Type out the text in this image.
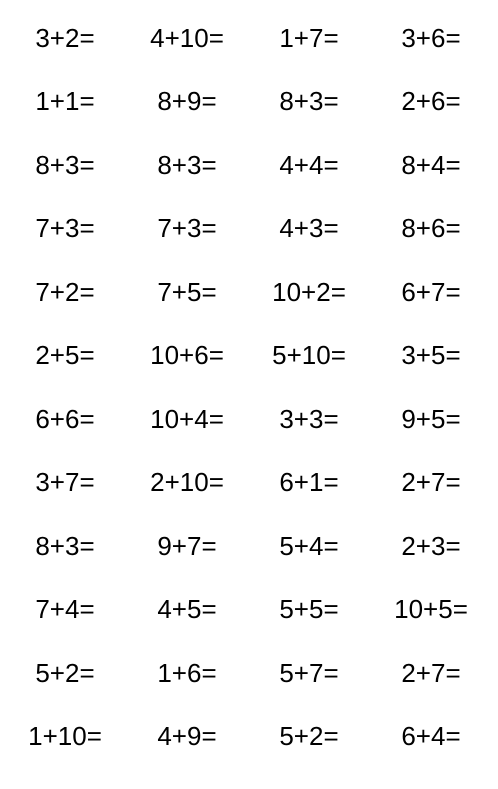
3+2=	4+10=	1+7=	3+6=
1+1=	8+9=	8+3=	2+6=
8+3=	8+3=	4+4=	8+4=
7+3=	7+3=	4+3=	8+6=
7+2=	7+5=	10+2=	6+7=
2+5=	10+6=	5+10=	3+5=
6+6=	10+4=	3+3=	9+5=
3+7=	2+10=	6+1=	2+7=
8+3=	9+7=	5+4=	2+3=
7+4=	4+5=	5+5=	10+5=
5+2=	1+6=	5+7=	2+7=
1+10=	4+9=	5+2=	6+4=
